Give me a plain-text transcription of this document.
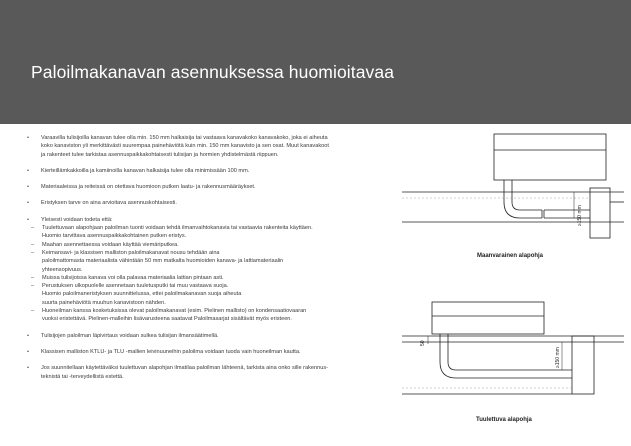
Paloilmakanavan asennuksessa huomioitavaa
• Varaavilla tulisijoilla kanavan tulee olla min. 150 mm halkaisija tai vastaava kanavakoko kanavakoko, joka ei aiheuta
koko kanaviston yli merkittävästi suurempaa painehäviötä kuin min. 150 mm kanavisto ja sen osat. Muut kanavakoot
ja rakenteet tulee tarkistaa asennuspaikkakohtaisesti tulisijan ja hormien yhdistelmästä riippuen.
• Kierteillämkakkoilla ja kamiinoilla kanavan halkaisija tulee olla minimissään 100 mm.
• Materiaaleissa ja reiteissä on otettava huomioon putken laatu- ja rakennusmääräykset.
• Eristyksen tarve on aina arvioitava asennuskohtaisesti.
• Yleisesti voidaan todeta että:
– Tuulettuvaan alapohjaan paloilman tuonti voidaan tehdä ilmanvaihtokanavia tai vastaavia rakenteita käyttäen.
Huomio tarvittava asennuspaikkakohtainen putken eristys.
– Maahan asennettaessa voidaan käyttää viemäriputkea.
– Keimansavi- ja klassisen malliston paloilmakanavat nousu tehdään aina
paloilmattomasta materiaalista vähintään 50 mm matkalta huomioiden kanava- ja lattiamateriaalin
yhteensopivuus.
– Muissa tulisijoissa kanava voi olla palavaa materiaalia lattian pintaan asti.
– Perustuksen ulkopuolelle asennetaan tuuletusputki tai muu vastaava suoja.
Huomio paloilmaneristyksen suunnittelussa, ettei paloilmakanavan suoja aiheuta
suurta painehäviötä muuhun kanavistoon nähden.
– Huoneilman kanssa kosketuksissa olevat paloilmakanavat (esim. Pielinen mallisto) on kondensaatiovaaran
vuoksi eristettävä. Pielinen-malleihin lisävarusteena saatavat Paloilmasarjat sisältävät myös eristeen.
• Tulisijojen paloilman läpivirtaus voidaan sulkea tulisijan ilmansäätimellä.
• Klassisen malliston KTLU- ja TLU -mallien leivinuuneihin paloilma voidaan tuoda vain huoneilman kautta.
• Jos suunnitellaan käytettäväksi tuulettuvan alapohjan ilmatilaa paloilman lähteenä, tarkista aina onko sille rakennus-
teknistä tai -terveydellistä estettä.
≥150 mm
Maanvarainen alapohja
50
≥150 mm
Tuulettuva alapohja
